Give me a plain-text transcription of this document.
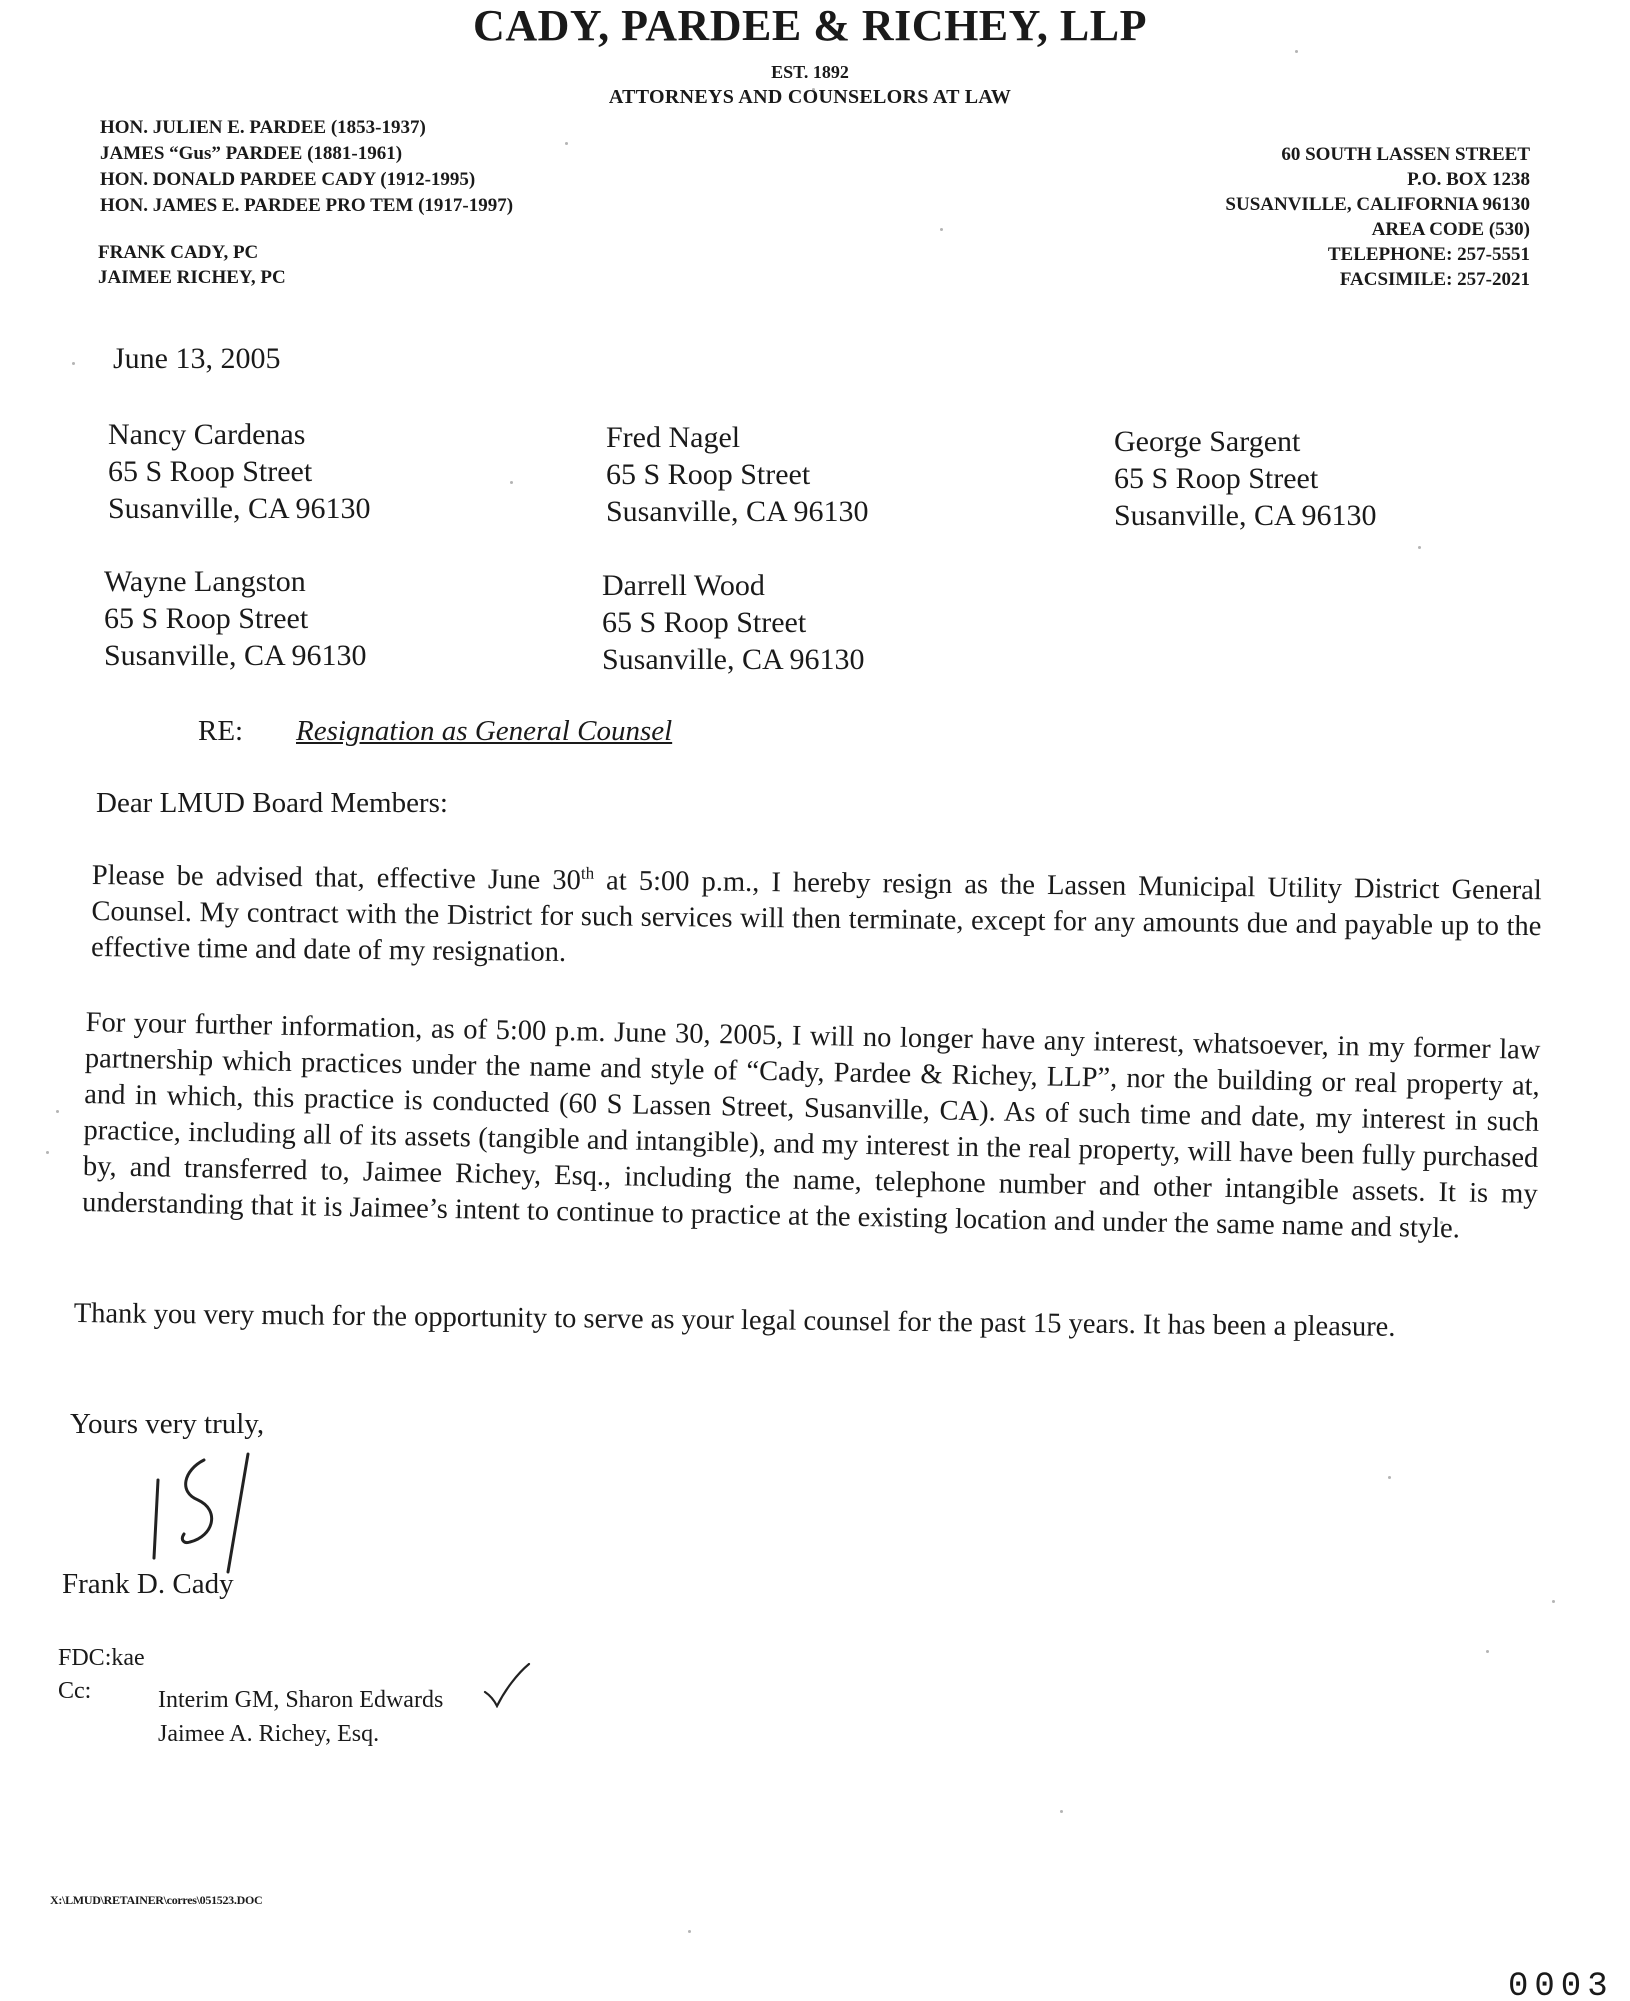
CADY, PARDEE & RICHEY, LLP
EST. 1892
ATTORNEYS AND COUNSELORS AT LAW
HON. JULIEN E. PARDEE (1853-1937)
JAMES “Gus” PARDEE (1881-1961)
HON. DONALD PARDEE CADY (1912-1995)
HON. JAMES E. PARDEE PRO TEM (1917-1997)
FRANK CADY, PC
JAIMEE RICHEY, PC
60 SOUTH LASSEN STREET
P.O. BOX 1238
SUSANVILLE, CALIFORNIA 96130
AREA CODE (530)
TELEPHONE: 257-5551
FACSIMILE: 257-2021
June 13, 2005
Nancy Cardenas
65 S Roop Street
Susanville, CA 96130
Fred Nagel
65 S Roop Street
Susanville, CA 96130
George Sargent
65 S Roop Street
Susanville, CA 96130
Wayne Langston
65 S Roop Street
Susanville, CA 96130
Darrell Wood
65 S Roop Street
Susanville, CA 96130
RE: Resignation as General Counsel
Dear LMUD Board Members:

Please be advised that, effective June 30th at 5:00 p.m., I hereby resign as the Lassen Municipal Utility District General Counsel. My contract with the District for such services will then terminate, except for any amounts due and payable up to the effective time and date of my resignation.

For your further information, as of 5:00 p.m. June 30, 2005, I will no longer have any interest, whatsoever, in my former law partnership which practices under the name and style of “Cady, Pardee & Richey, LLP”, nor the building or real property at, and in which, this practice is conducted (60 S Lassen Street, Susanville, CA). As of such time and date, my interest in such practice, including all of its assets (tangible and intangible), and my interest in the real property, will have been fully purchased by, and transferred to, Jaimee Richey, Esq., including the name, telephone number and other intangible assets. It is my understanding that it is Jaimee’s intent to continue to practice at the existing location and under the same name and style.

Thank you very much for the opportunity to serve as your legal counsel for the past 15 years. It has been a pleasure.

Yours very truly,
Frank D. Cady
FDC:kae
Cc:	Interim GM, Sharon Edwards
Jaimee A. Richey, Esq.
X:\LMUD\RETAINER\corres\051523.DOC
0003
